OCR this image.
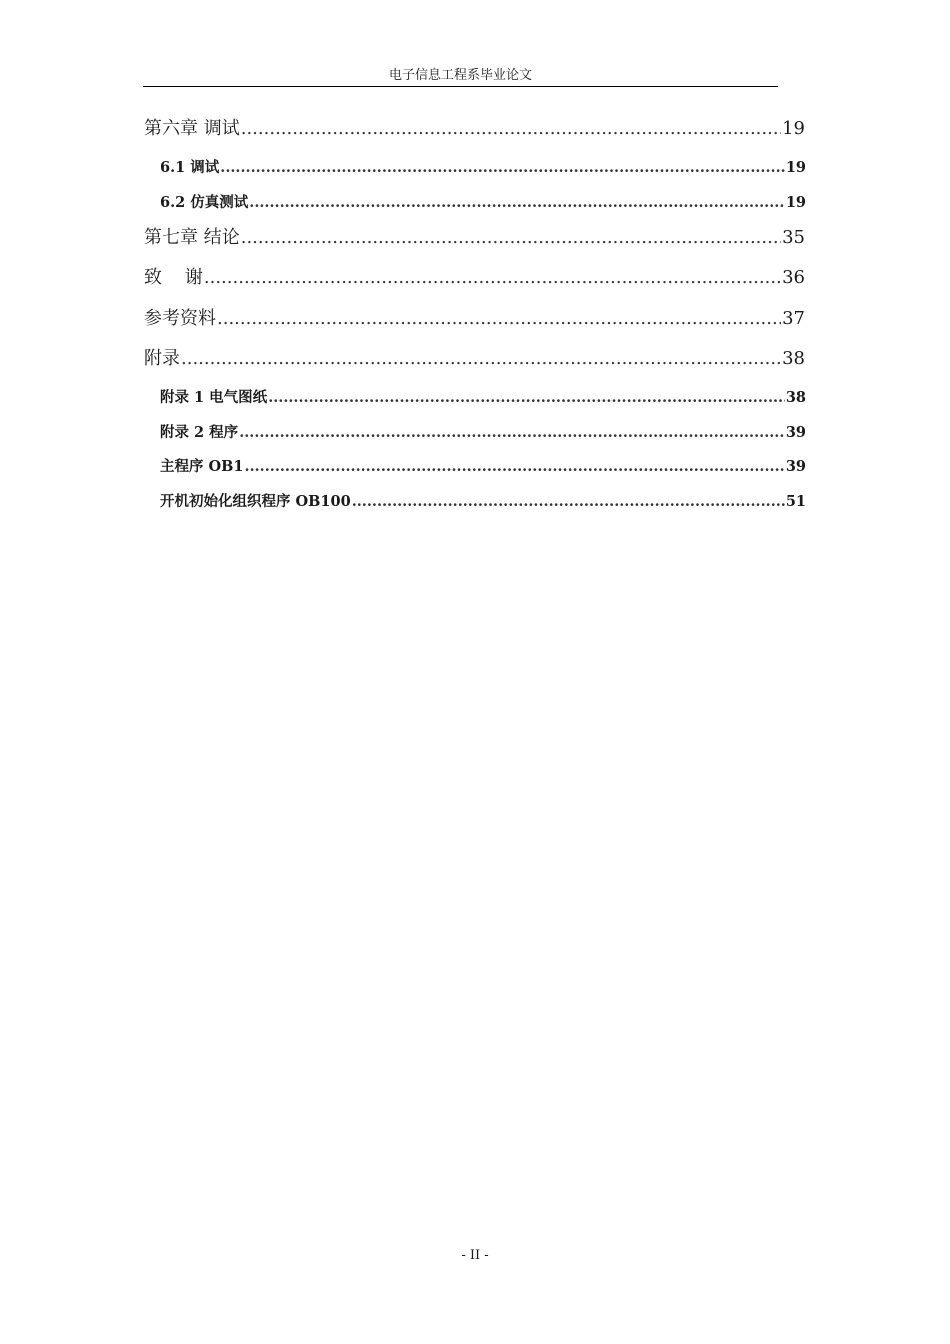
电子信息工程系毕业论文
第六章 调试 .....	19
6.1 调试 .....	19
6.2 仿真测试 .....	19
第七章 结论 .....	35
致    谢 .....	36
参考资料 .....	37
附录 .....	38
附录 1 电气图纸 .....	38
附录 2 程序 .....	39
主程序 OB1 .....	39
开机初始化组织程序 OB100 .....	51
- II -
